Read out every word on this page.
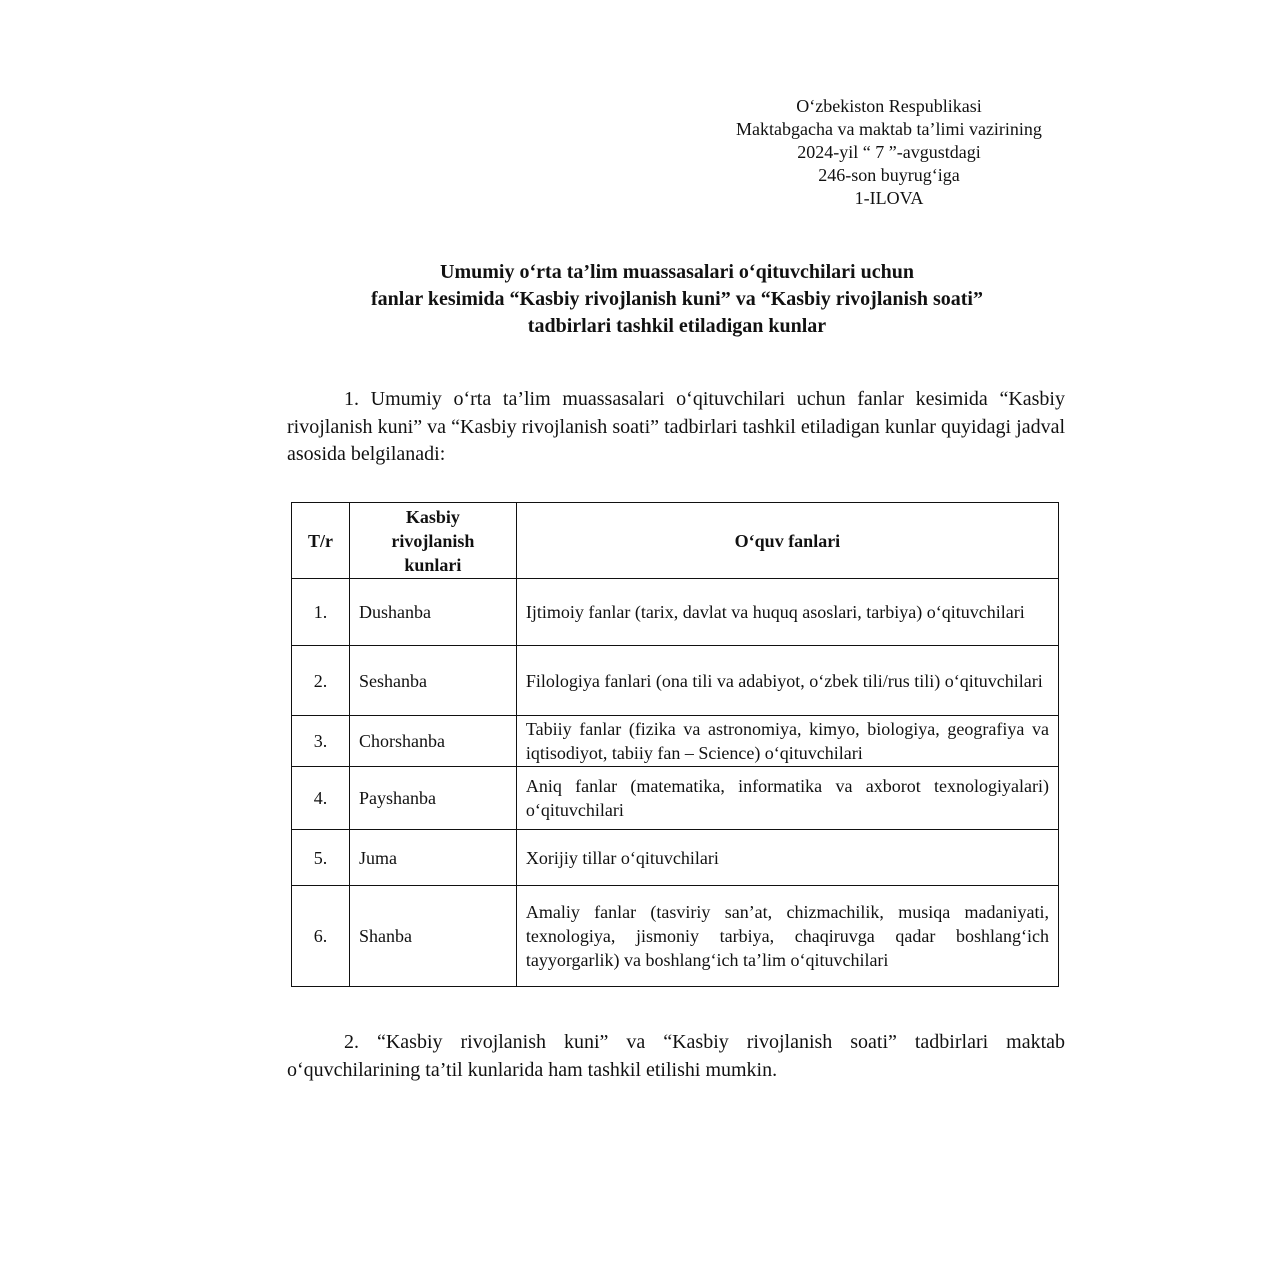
O‘zbekiston Respublikasi
Maktabgacha va maktab ta’limi vazirining
2024-yil “ 7 ”-avgustdagi
246-son buyrug‘iga
1-ILOVA
Umumiy o‘rta ta’lim muassasalari o‘qituvchilari uchun
fanlar kesimida “Kasbiy rivojlanish kuni” va “Kasbiy rivojlanish soati”
tadbirlari tashkil etiladigan kunlar

1. Umumiy o‘rta ta’lim muassasalari o‘qituvchilari uchun fanlar kesimida “Kasbiy rivojlanish kuni” va “Kasbiy rivojlanish soati” tadbirlari tashkil etiladigan kunlar quyidagi jadval asosida belgilanadi:

T/r	Kasbiy rivojlanish kunlari	O‘quv fanlari
1.	Dushanba	Ijtimoiy fanlar (tarix, davlat va huquq asoslari, tarbiya) o‘qituvchilari
2.	Seshanba	Filologiya fanlari (ona tili va adabiyot, o‘zbek tili/rus tili) o‘qituvchilari
3.	Chorshanba	Tabiiy fanlar (fizika va astronomiya, kimyo, biologiya, geografiya va iqtisodiyot, tabiiy fan – Science) o‘qituvchilari
4.	Payshanba	Aniq fanlar (matematika, informatika va axborot texnologiyalari) o‘qituvchilari
5.	Juma	Xorijiy tillar o‘qituvchilari
6.	Shanba	Amaliy fanlar (tasviriy san’at, chizmachilik, musiqa madaniyati, texnologiya, jismoniy tarbiya, chaqiruvga qadar boshlang‘ich tayyorgarlik) va boshlang‘ich ta’lim o‘qituvchilari

2. “Kasbiy rivojlanish kuni” va “Kasbiy rivojlanish soati” tadbirlari maktab o‘quvchilarining ta’til kunlarida ham tashkil etilishi mumkin.
